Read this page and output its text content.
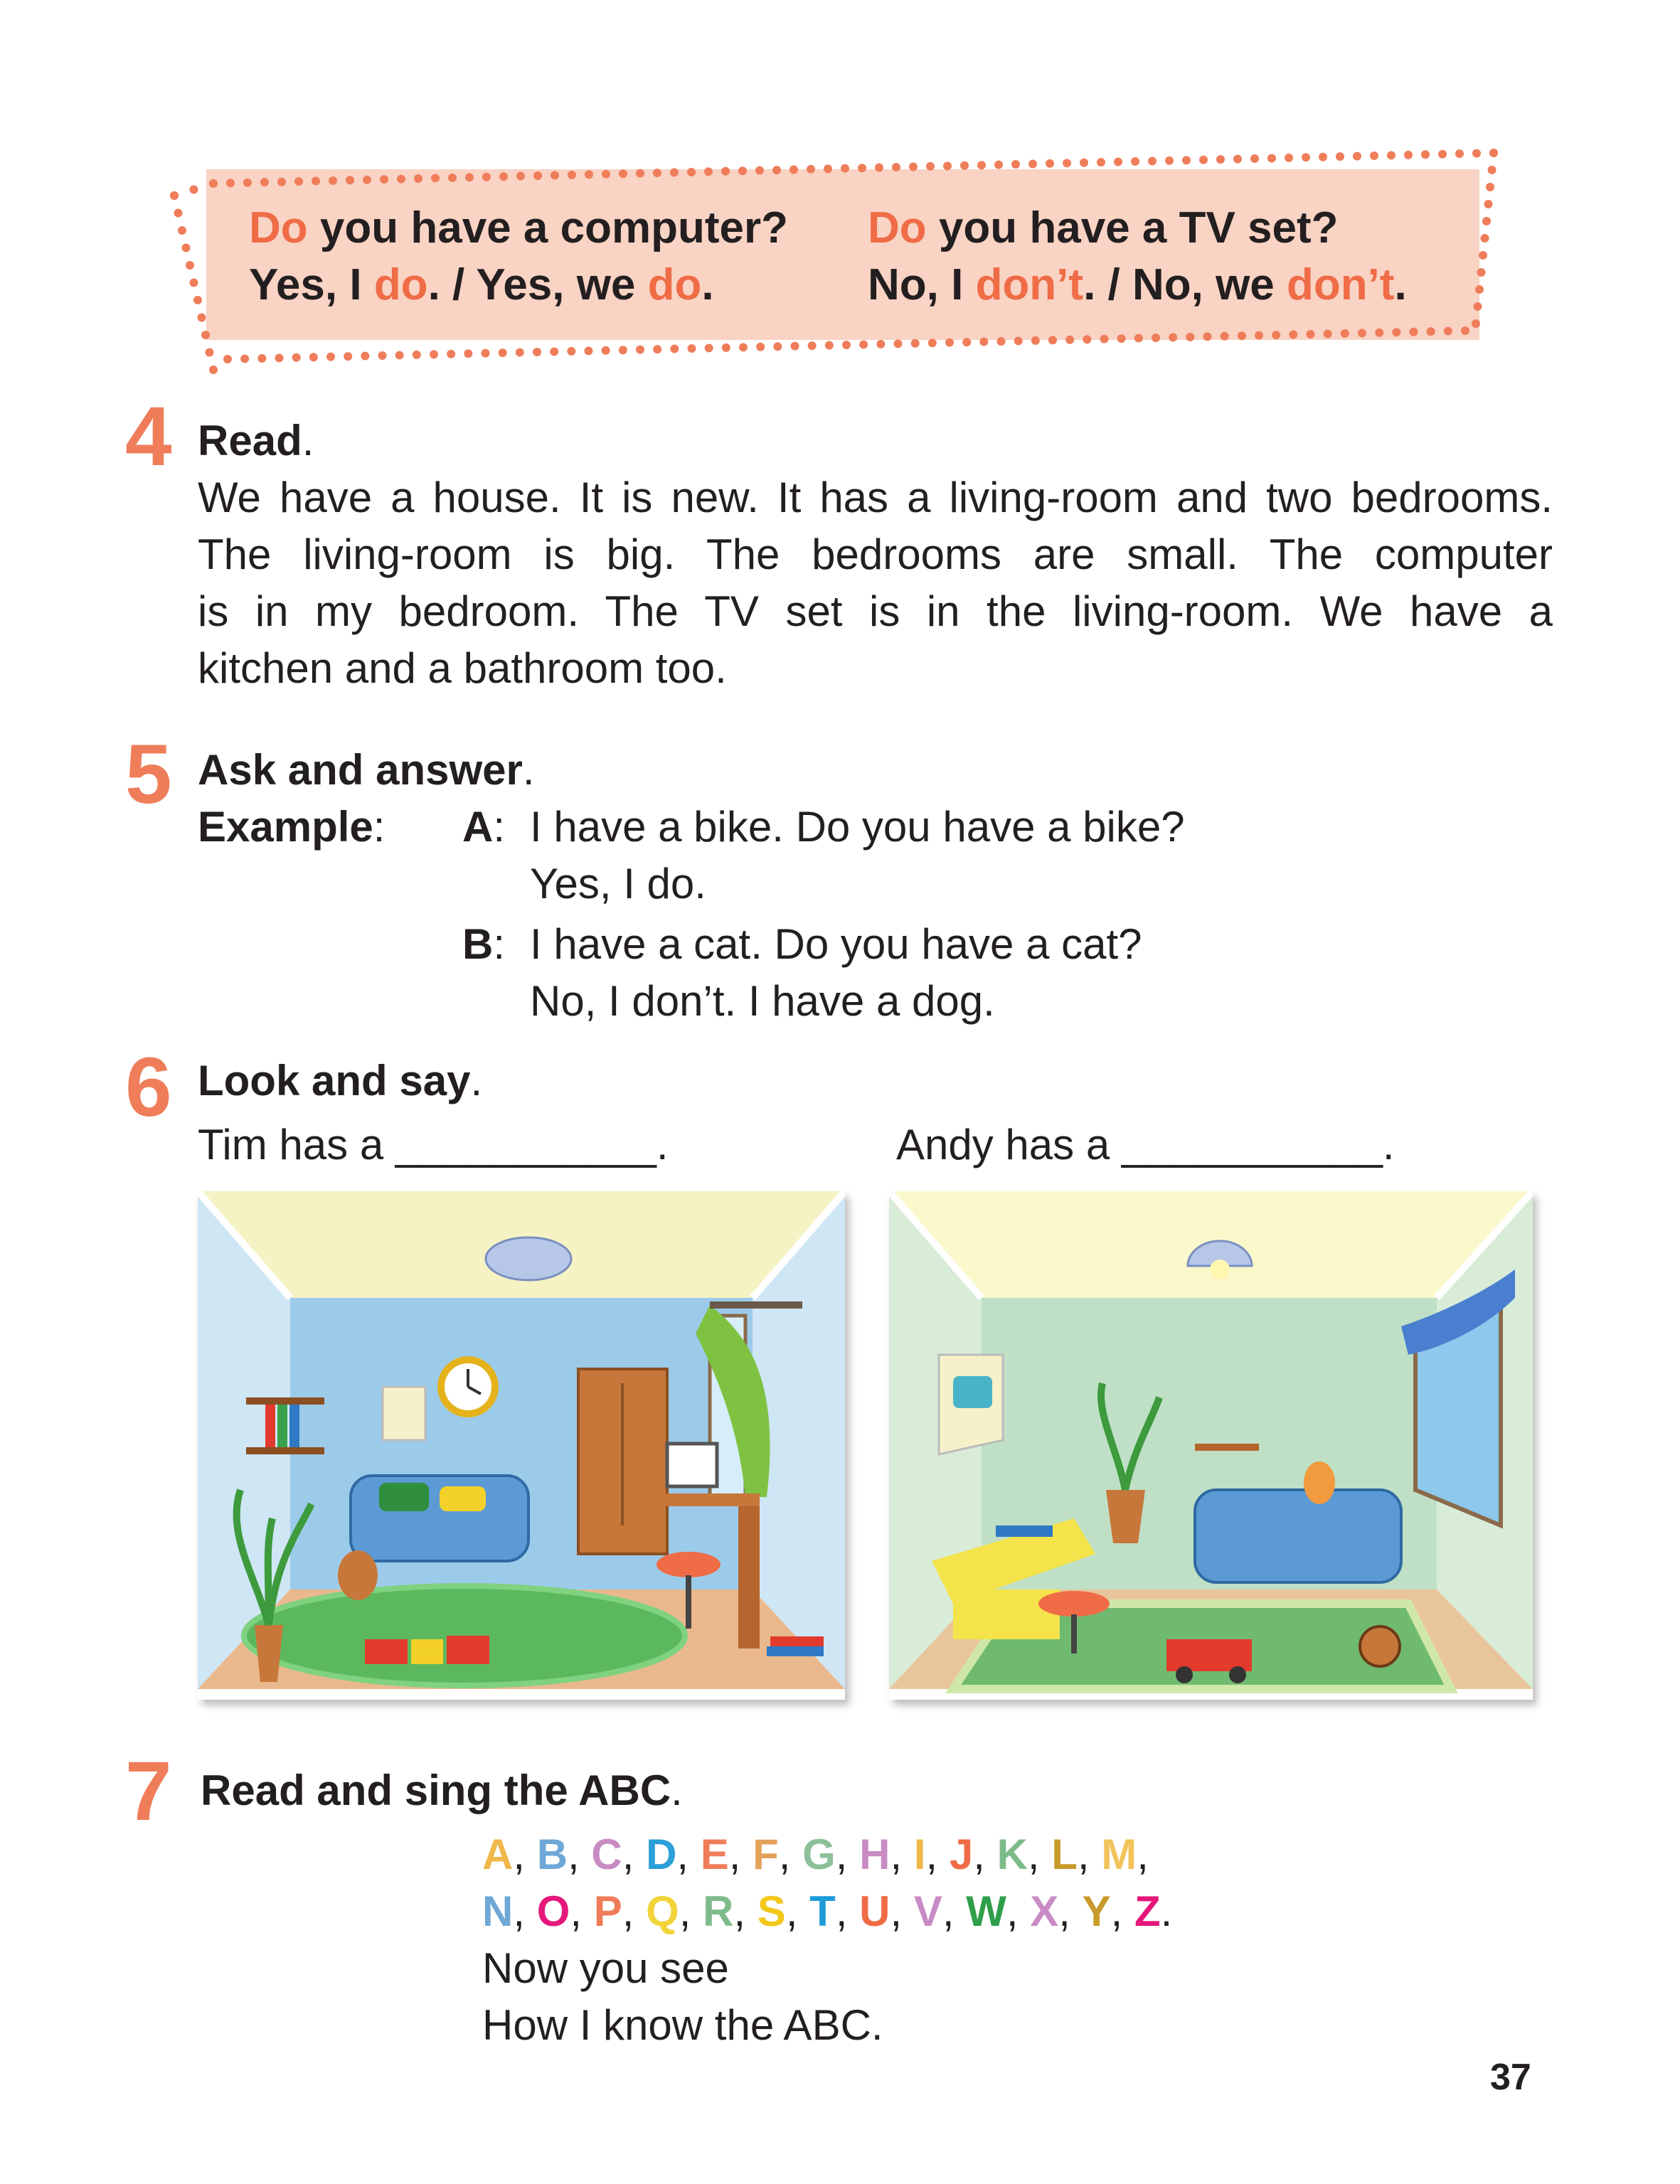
Do you have a computer?
Yes, I do. / Yes, we do.
Do you have a TV set?
No, I don’t. / No, we don’t.
4 Read.
We have a house. It is new. It has a living-room and two bedrooms.
The living-room is big. The bedrooms are small. The computer
is in my bedroom. The TV set is in the living-room. We have a
kitchen and a bathroom too.
5 Ask and answer.
Example: A: I have a bike. Do you have a bike?
Yes, I do.
B: I have a cat. Do you have a cat?
No, I don’t. I have a dog.
6 Look and say.
Tim has a ___________.	Andy has a ___________.
7 Read and sing the ABC.
A, B, C, D, E, F, G, H, I, J, K, L, M,
N, O, P, Q, R, S, T, U, V, W, X, Y, Z.
Now you see
How I know the ABC.
37
